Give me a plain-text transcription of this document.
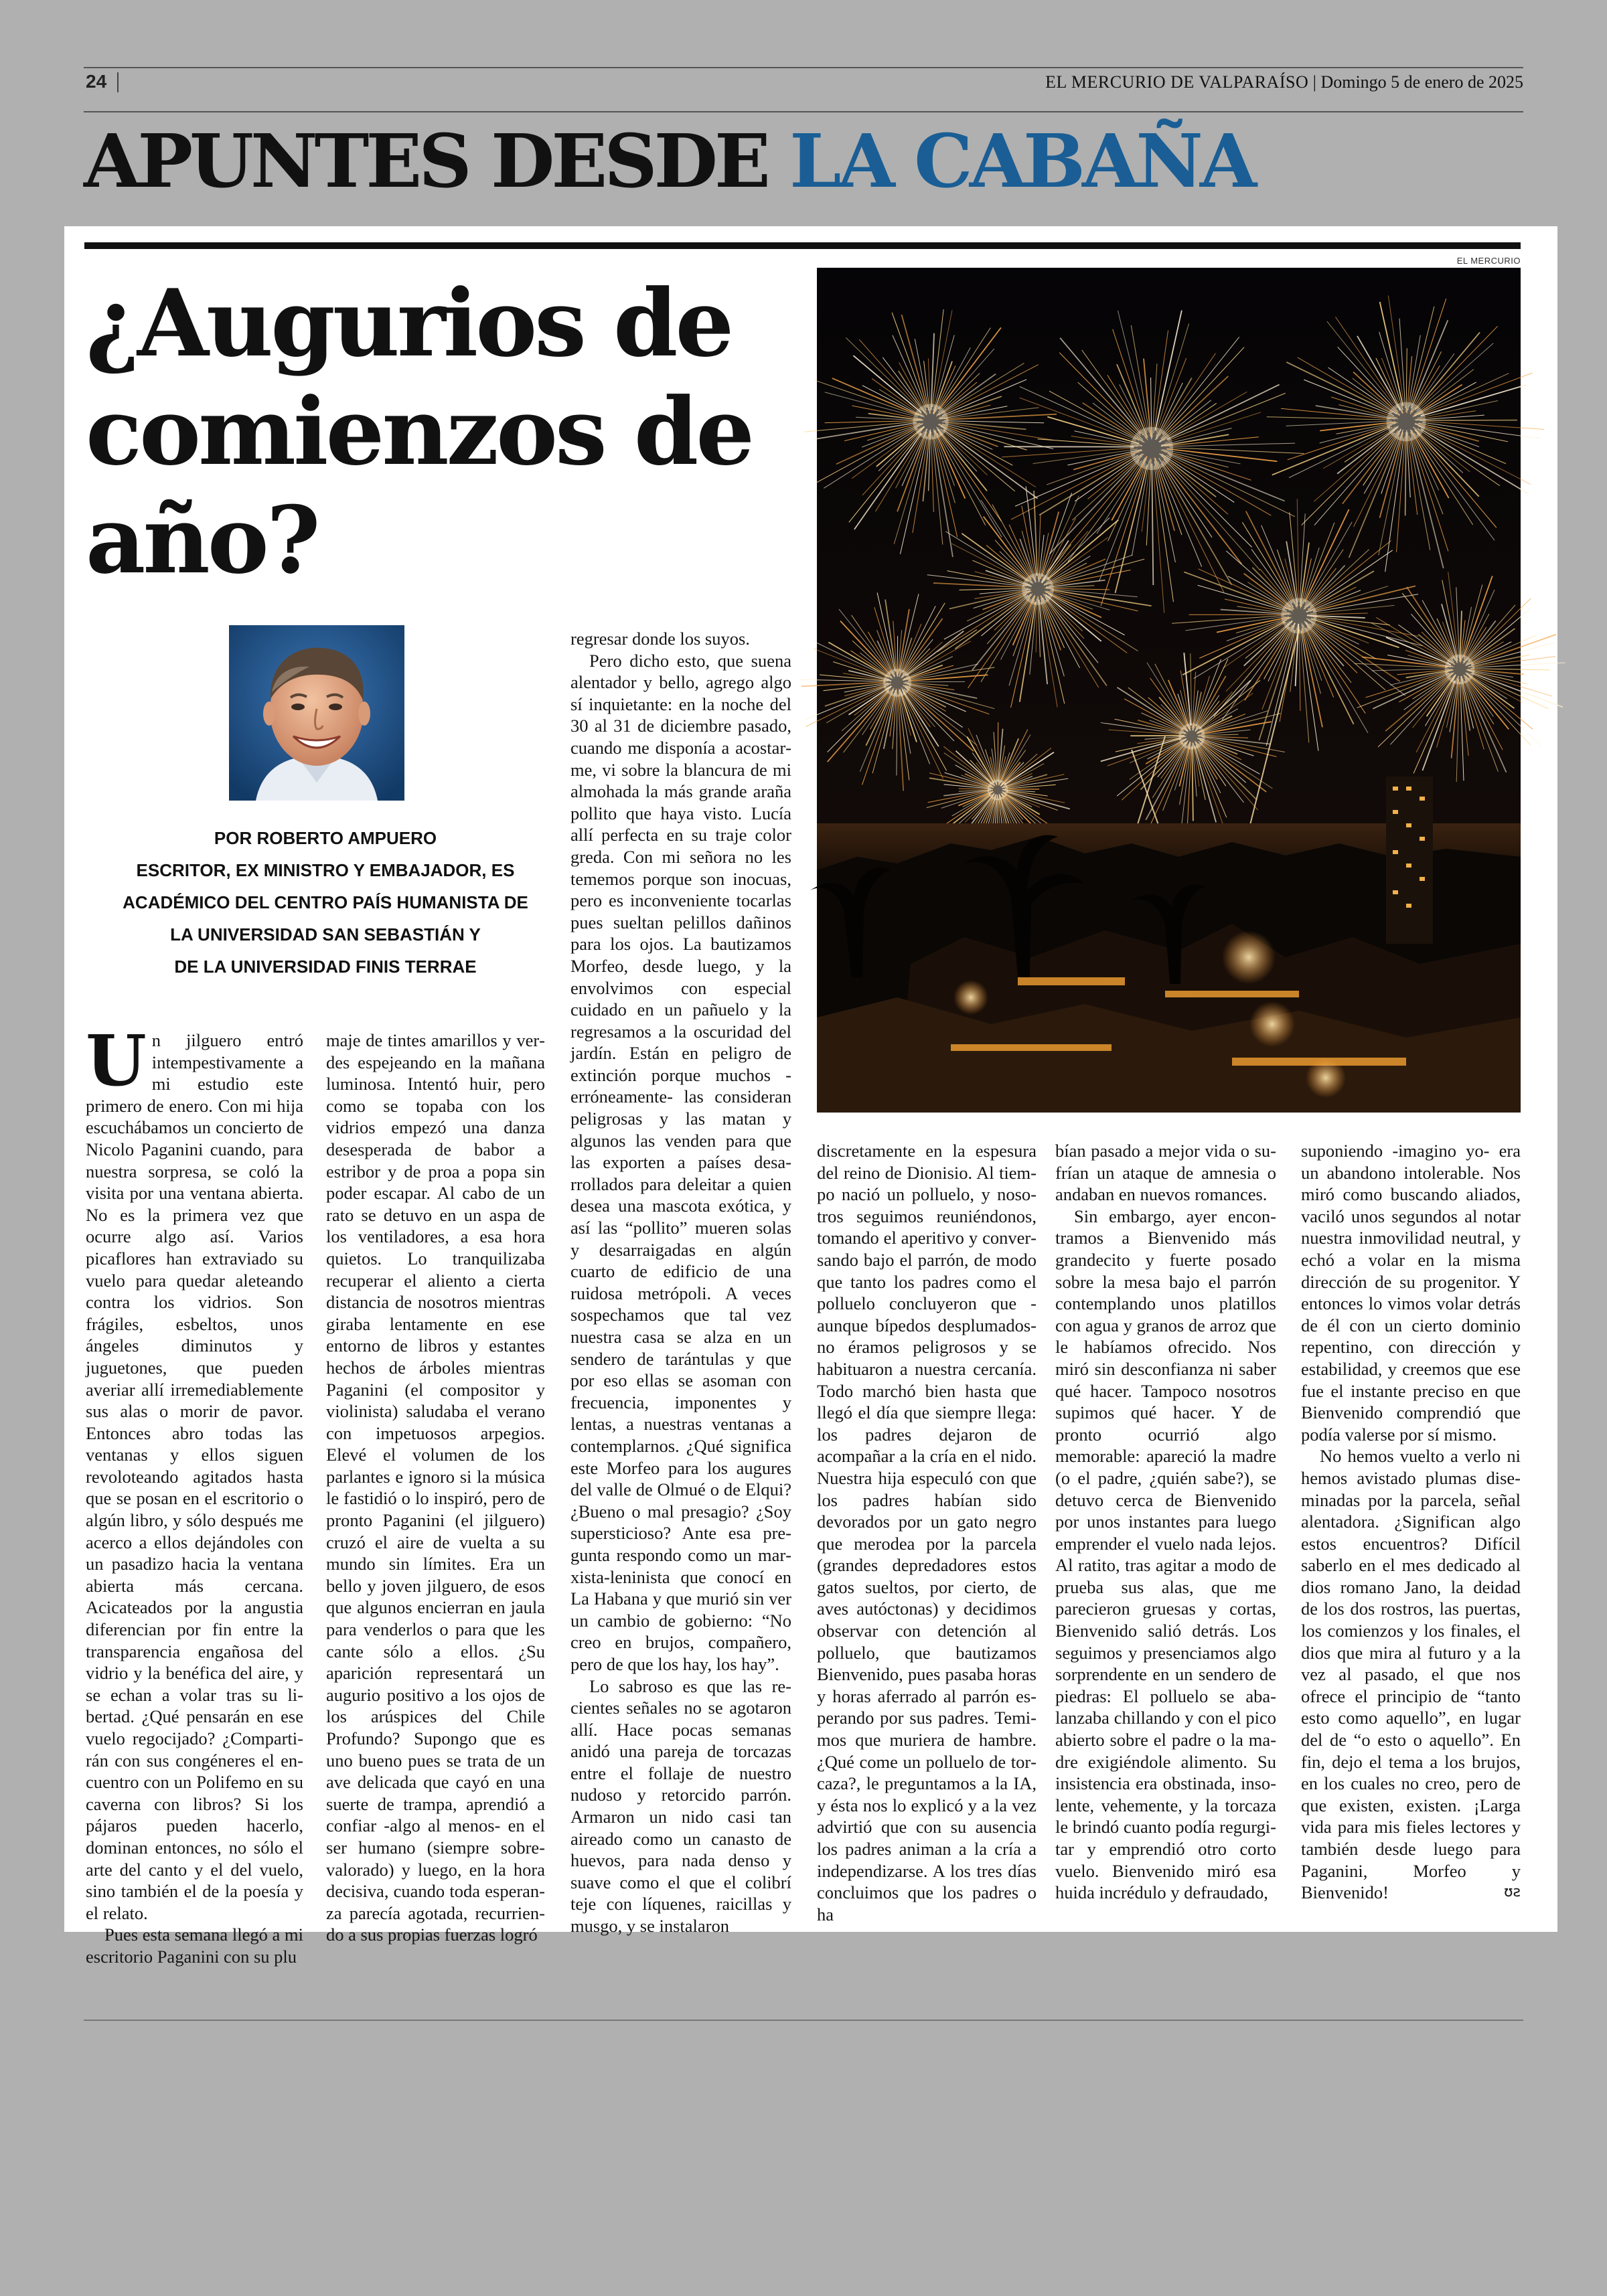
24	EL MERCURIO DE VALPARAÍSO | Domingo 5 de enero de 2025
APUNTES DESDE LA CABAÑA
¿Augurios de comienzos de año?
POR ROBERTO AMPUERO
ESCRITOR, EX MINISTRO Y EMBAJADOR, ES
ACADÉMICO DEL CENTRO PAÍS HUMANISTA DE
LA UNIVERSIDAD SAN SEBASTIÁN Y
DE LA UNIVERSIDAD FINIS TERRAE
EL MERCURIO

Un jilguero entró intempestivamente a mi estudio este primero de enero. Con mi hija escuchábamos un concierto de Nicolo Paganini cuando, para nuestra sorpresa, se coló la visita por una ventana abierta. No es la primera vez que ocurre algo así. Varios picaflores han extraviado su vuelo para quedar aleteando contra los vidrios. Son frágiles, esbeltos, unos ángeles diminutos y juguetones, que pueden averiar allí irremediablemente sus alas o morir de pavor. Entonces abro todas las ventanas y ellos siguen revoloteando agitados hasta que se posan en el escritorio o algún libro, y sólo después me acerco a ellos dejándoles con un pasadizo hacia la ventana abierta más cercana. Acicateados por la angustia diferencian por fin entre la transparencia engañosa del vidrio y la benéfica del aire, y se echan a volar tras su libertad. ¿Qué pensarán en ese vuelo regocijado? ¿Compartirán con sus congéneres el encuentro con un Polifemo en su caverna con libros? Si los pájaros pueden hacerlo, dominan entonces, no sólo el arte del canto y el del vuelo, sino también el de la poesía y el relato.

Pues esta semana llegó a mi escritorio Paganini con su plu

maje de tintes amarillos y verdes espejeando en la mañana luminosa. Intentó huir, pero como se topaba con los vidrios empezó una danza desesperada de babor a estribor y de proa a popa sin poder escapar. Al cabo de un rato se detuvo en un aspa de los ventiladores, a esa hora quietos. Lo tranquilizaba recuperar el aliento a cierta distancia de nosotros mientras giraba lentamente en ese entorno de libros y estantes hechos de árboles mientras Paganini (el compositor y violinista) saludaba el verano con impetuosos arpegios. Elevé el volumen de los parlantes e ignoro si la música le fastidió o lo inspiró, pero de pronto Paganini (el jilguero) cruzó el aire de vuelta a su mundo sin límites. Era un bello y joven jilguero, de esos que algunos encierran en jaula para venderlos o para que les cante sólo a ellos. ¿Su aparición representará un augurio positivo a los ojos de los arúspices del Chile Profundo? Supongo que es uno bueno pues se trata de un ave delicada que cayó en una suerte de trampa, aprendió a confiar -algo al menos- en el ser humano (siempre sobrevalorado) y luego, en la hora decisiva, cuando toda esperanza parecía agotada, recurriendo a sus propias fuerzas logró

regresar donde los suyos.

Pero dicho esto, que suena alentador y bello, agrego algo sí inquietante: en la noche del 30 al 31 de diciembre pasado, cuando me disponía a acostarme, vi sobre la blancura de mi almohada la más grande araña pollito que haya visto. Lucía allí perfecta en su traje color greda. Con mi señora no les tememos porque son inocuas, pero es inconveniente tocarlas pues sueltan pelillos dañinos para los ojos. La bautizamos Morfeo, desde luego, y la envolvimos con especial cuidado en un pañuelo y la regresamos a la oscuridad del jardín. Están en peligro de extinción porque muchos -erróneamente- las consideran peligrosas y las matan y algunos las venden para que las exporten a países desarrollados para deleitar a quien desea una mascota exótica, y así las “pollito” mueren solas y desarraigadas en algún cuarto de edificio de una ruidosa metrópoli. A veces sospechamos que tal vez nuestra casa se alza en un sendero de tarántulas y que por eso ellas se asoman con frecuencia, imponentes y lentas, a nuestras ventanas a contemplarnos. ¿Qué significa este Morfeo para los augures del valle de Olmué o de Elqui? ¿Bueno o mal presagio? ¿Soy supersticioso? Ante esa pregunta respondo como un marxista-leninista que conocí en La Habana y que murió sin ver un cambio de gobierno: “No creo en brujos, compañero, pero de que los hay, los hay”.

Lo sabroso es que las recientes señales no se agotaron allí. Hace pocas semanas anidó una pareja de torcazas entre el follaje de nuestro nudoso y retorcido parrón. Armaron un nido casi tan aireado como un canasto de huevos, para nada denso y suave como el que el colibrí teje con líquenes, raicillas y musgo, y se instalaron

discretamente en la espesura del reino de Dionisio. Al tiempo nació un polluelo, y nosotros seguimos reuniéndonos, tomando el aperitivo y conversando bajo el parrón, de modo que tanto los padres como el polluelo concluyeron que -aunque bípedos desplumados- no éramos peligrosos y se habituaron a nuestra cercanía. Todo marchó bien hasta que llegó el día que siempre llega: los padres dejaron de acompañar a la cría en el nido. Nuestra hija especuló con que los padres habían sido devorados por un gato negro que merodea por la parcela (grandes depredadores estos gatos sueltos, por cierto, de aves autóctonas) y decidimos observar con detención al polluelo, que bautizamos Bienvenido, pues pasaba horas y horas aferrado al parrón esperando por sus padres. Temimos que muriera de hambre. ¿Qué come un polluelo de torcaza?, le preguntamos a la IA, y ésta nos lo explicó y a la vez advirtió que con su ausencia los padres animan a la cría a independizarse. A los tres días concluimos que los padres o ha

bían pasado a mejor vida o sufrían un ataque de amnesia o andaban en nuevos romances.

Sin embargo, ayer encontramos a Bienvenido más grandecito y fuerte posado sobre la mesa bajo el parrón contemplando unos platillos con agua y granos de arroz que le habíamos ofrecido. Nos miró sin desconfianza ni saber qué hacer. Tampoco nosotros supimos qué hacer. Y de pronto ocurrió algo memorable: apareció la madre (o el padre, ¿quién sabe?), se detuvo cerca de Bienvenido por unos instantes para luego emprender el vuelo nada lejos. Al ratito, tras agitar a modo de prueba sus alas, que me parecieron gruesas y cortas, Bienvenido salió detrás. Los seguimos y presenciamos algo sorprendente en un sendero de piedras: El polluelo se abalanzaba chillando y con el pico abierto sobre el padre o la madre exigiéndole alimento. Su insistencia era obstinada, insolente, vehemente, y la torcaza le brindó cuanto podía regurgitar y emprendió otro corto vuelo. Bienvenido miró esa huida incrédulo y defraudado,

suponiendo -imagino yo- era un abandono intolerable. Nos miró como buscando aliados, vaciló unos segundos al notar nuestra inmovilidad neutral, y echó a volar en la misma dirección de su progenitor. Y entonces lo vimos volar detrás de él con un cierto dominio repentino, con dirección y estabilidad, y creemos que ese fue el instante preciso en que Bienvenido comprendió que podía valerse por sí mismo.

No hemos vuelto a verlo ni hemos avistado plumas diseminadas por la parcela, señal alentadora. ¿Significan algo estos encuentros? Difícil saberlo en el mes dedicado al dios romano Jano, la deidad de los dos rostros, las puertas, los comienzos y los finales, el dios que mira al futuro y a la vez al pasado, el que nos ofrece el principio de “tanto esto como aquello”, en lugar del de “o esto o aquello”. En fin, dejo el tema a los brujos, en los cuales no creo, pero de que existen, existen. ¡Larga vida para mis fieles lectores y también desde luego para Paganini, Morfeo y Bienvenido!	ʊƨ
